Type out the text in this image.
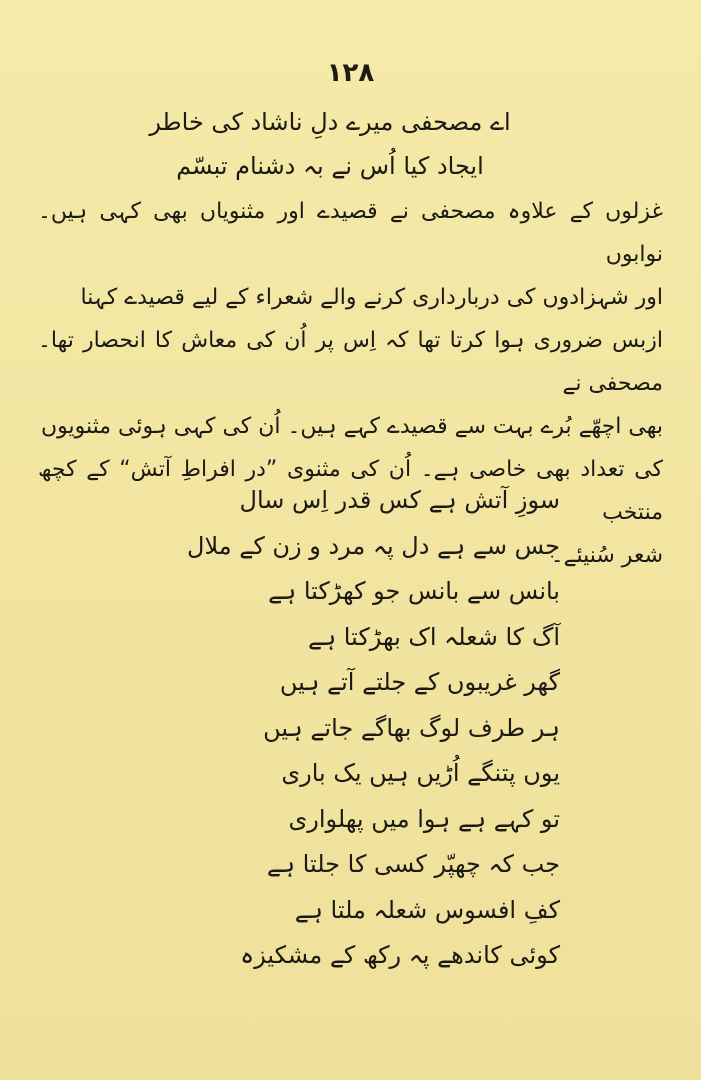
۱۲۸
اے مصحفی میرے دلِ ناشاد کی خاطر
ایجاد کیا اُس نے بہ دشنام تبسّم

غزلوں کے علاوہ مصحفی نے قصیدے اور مثنویاں بھی کہی ہیں۔ نوابوں

اور شہزادوں کی دربارداری کرنے والے شعراء کے لیے قصیدے کہنا

ازبس ضروری ہوا کرتا تھا کہ اِس پر اُن کی معاش کا انحصار تھا۔ مصحفی نے

بھی اچھّے بُرے بہت سے قصیدے کہے ہیں۔ اُن کی کہی ہوئی مثنویوں

کی تعداد بھی خاصی ہے۔ اُن کی مثنوی ”در افراطِ آتش“ کے کچھ منتخب

شعر سُنیئے۔

سوزِ آتش ہے کس قدر اِس سال
جس سے ہے دل پہ مرد و زن کے ملال
بانس سے بانس جو کھڑکتا ہے
آگ کا شعلہ اک بھڑکتا ہے
گھر غریبوں کے جلتے آتے ہیں
ہر طرف لوگ بھاگے جاتے ہیں
یوں پتنگے اُڑیں ہیں یک باری
تو کہے ہے ہوا میں پھلواری
جب کہ چھپّر کسی کا جلتا ہے
کفِ افسوس شعلہ ملتا ہے
کوئی کاندھے پہ رکھ کے مشکیزہ
